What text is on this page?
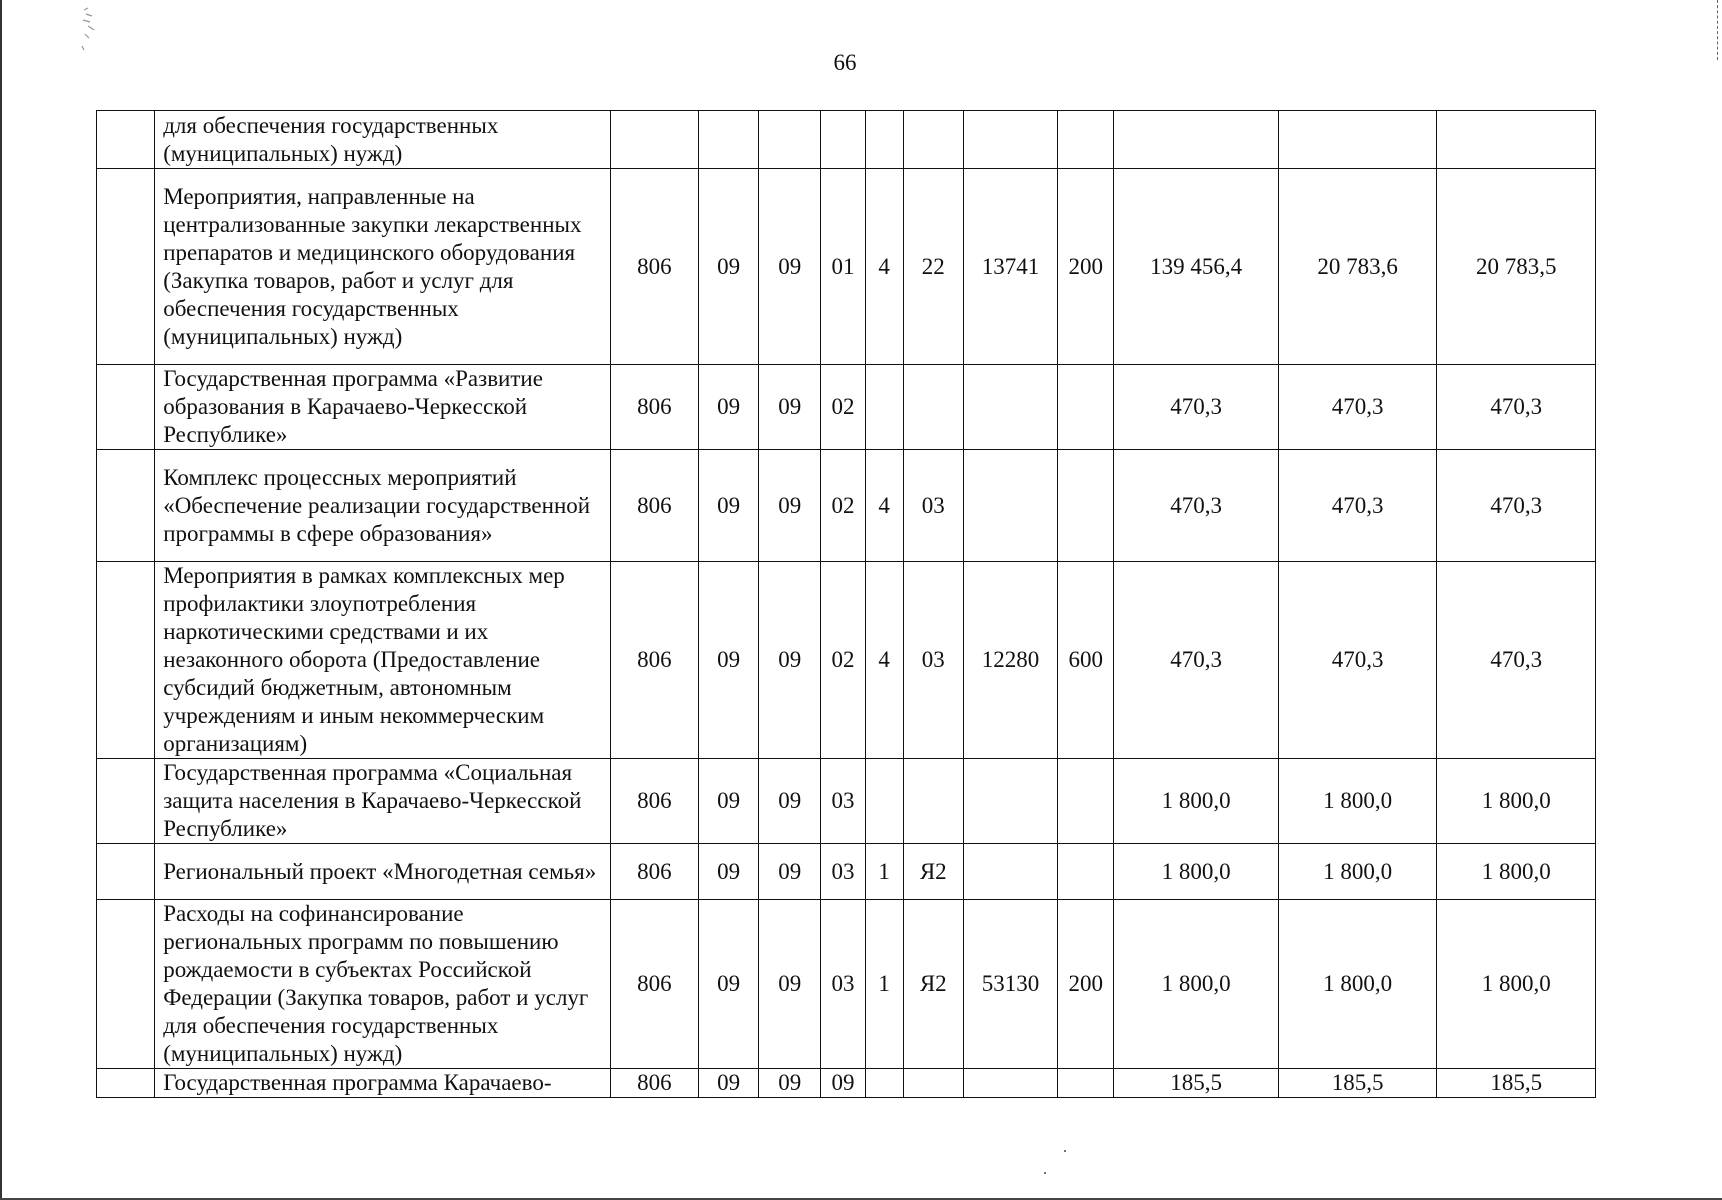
66
	для обеспечения государственных (муниципальных) нужд)											
	Мероприятия, направленные на централизованные закупки лекарственных препаратов и медицинского оборудования (Закупка товаров, работ и услуг для обеспечения государственных (муниципальных) нужд)	806	09	09	01	4	22	13741	200	139 456,4	20 783,6	20 783,5
	Государственная программа «Развитие образования в Карачаево-Черкесской Республике»	806	09	09	02					470,3	470,3	470,3
	Комплекс процессных мероприятий «Обеспечение реализации государственной программы в сфере образования»	806	09	09	02	4	03			470,3	470,3	470,3
	Мероприятия в рамках комплексных мер профилактики злоупотребления наркотическими средствами и их незаконного оборота (Предоставление субсидий бюджетным, автономным учреждениям и иным некоммерческим организациям)	806	09	09	02	4	03	12280	600	470,3	470,3	470,3
	Государственная программа «Социальная защита населения в Карачаево-Черкесской Республике»	806	09	09	03					1 800,0	1 800,0	1 800,0
	Региональный проект «Многодетная семья»	806	09	09	03	1	Я2			1 800,0	1 800,0	1 800,0
	Расходы на софинансирование региональных программ по повышению рождаемости в субъектах Российской Федерации (Закупка товаров, работ и услуг для обеспечения государственных (муниципальных) нужд)	806	09	09	03	1	Я2	53130	200	1 800,0	1 800,0	1 800,0
	Государственная программа Карачаево-	806	09	09	09					185,5	185,5	185,5
